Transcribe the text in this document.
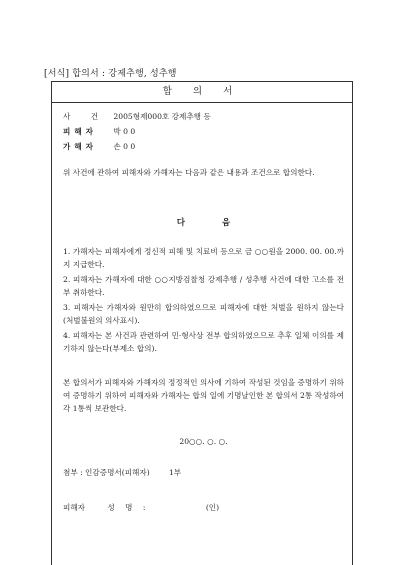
[서식] 합의서 : 강제추행, 성추행
합 의 서
사 건 2005형제000호 강제추행 등
피해자 박 0 0
가해자 손 0 0
위 사건에 관하여 피해자와 가해자는 다음과 같은 내용과 조건으로 합의한다.
다 음
1. 가해자는 피해자에게 정신적 피해 및 치료비 등으로 금 ○○원을 2000. 00. 00.까지 지급한다.
2. 피해자는 가해자에 대한 ○○지방검찰청 강제추행 / 성추행 사건에 대한 고소를 전부 취하한다.
3. 피해자는 가해자와 원만히 합의하였으므로 피해자에 대한 처벌을 원하지 않는다(처벌불원의 의사표시).
4. 피해자는 본 사건과 관련하여 민·형사상 전부 합의하였으므로 추후 일체 이의를 제기하지 않는다(부제소 합의).
본 합의서가 피해자와 가해자의 정정적인 의사에 기하여 작성된 것임을 증명하기 위하여 증명하기 위하여 피해자와 가해자는 합의 일에 기명날인한 본 합의서 2통 작성하여 각 1통씩 보관한다.
20○○. ○. ○.
첨부 : 인감증명서(피해자)        1부
피해자	성 명 :	(인)
